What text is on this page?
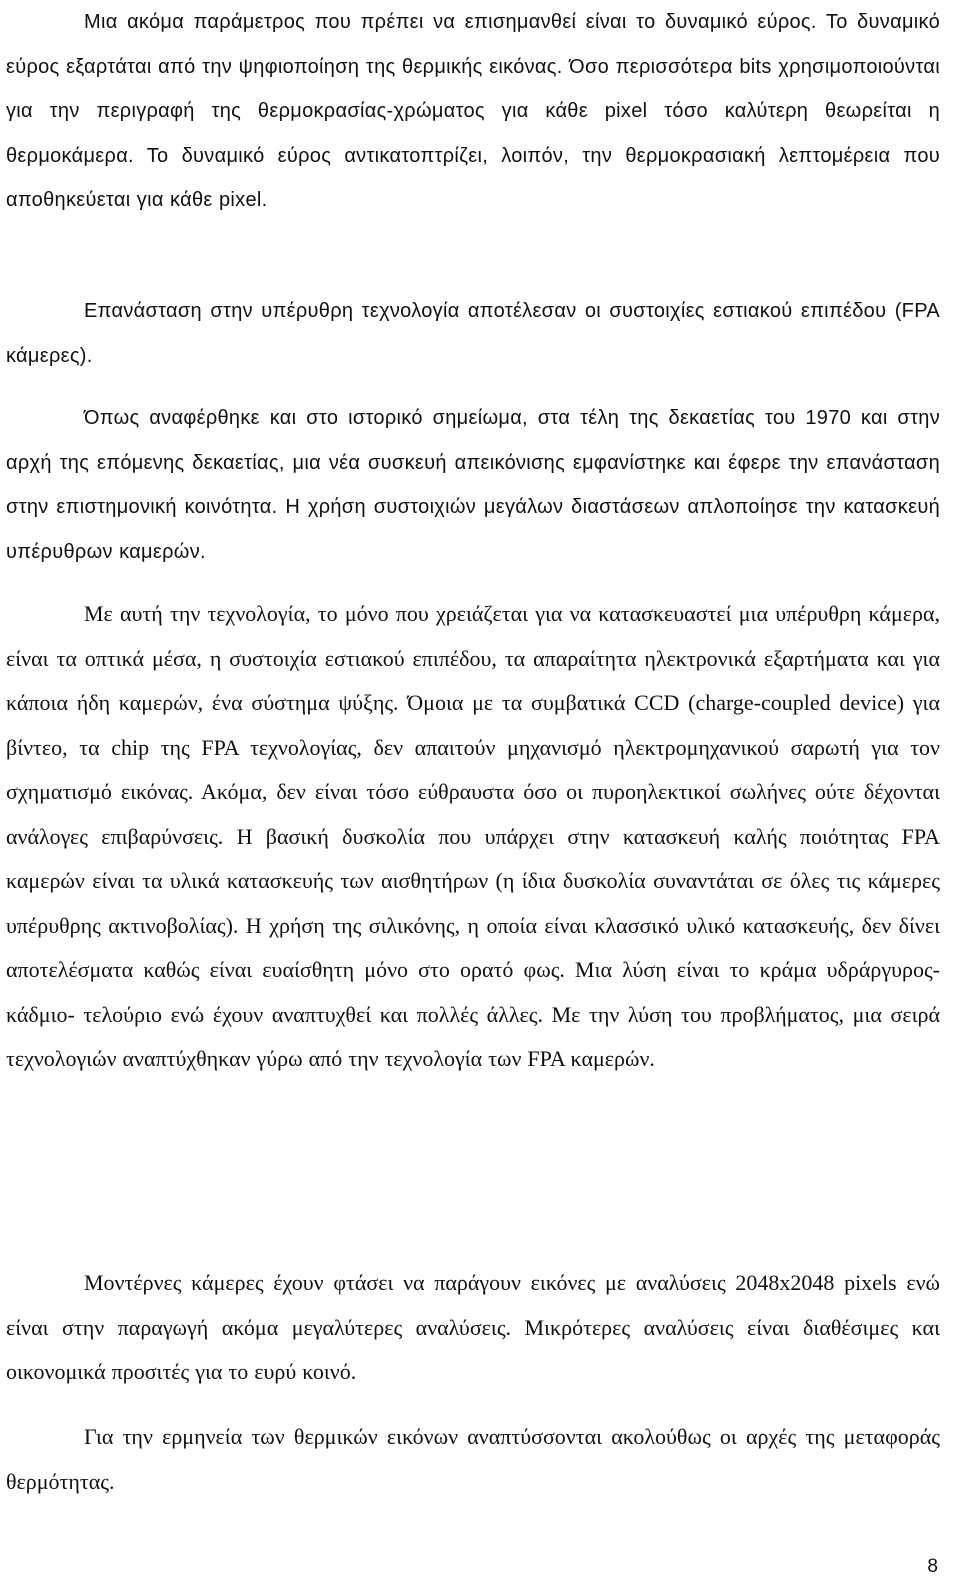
Μια ακόμα παράμετρος που πρέπει να επισημανθεί είναι το δυναμικό εύρος. Το δυναμικό εύρος εξαρτάται από την ψηφιοποίηση της θερμικής εικόνας. Όσο περισσότερα bits χρησιμοποιούνται για την περιγραφή της θερμοκρασίας-χρώματος για κάθε pixel τόσο καλύτερη θεωρείται η θερμοκάμερα. Το δυναμικό εύρος αντικατοπτρίζει, λοιπόν, την θερμοκρασιακή λεπτομέρεια που αποθηκεύεται για κάθε pixel.

Επανάσταση στην υπέρυθρη τεχνολογία αποτέλεσαν οι συστοιχίες εστιακού επιπέδου (FPA κάμερες).

Όπως αναφέρθηκε και στο ιστορικό σημείωμα, στα τέλη της δεκαετίας του 1970 και στην αρχή της επόμενης δεκαετίας, μια νέα συσκευή απεικόνισης εμφανίστηκε και έφερε την επανάσταση στην επιστημονική κοινότητα. Η χρήση συστοιχιών μεγάλων διαστάσεων απλοποίησε την κατασκευή υπέρυθρων καμερών.

Με αυτή την τεχνολογία, το μόνο που χρειάζεται για να κατασκευαστεί μια υπέρυθρη κάμερα, είναι τα οπτικά μέσα, η συστοιχία εστιακού επιπέδου, τα απαραίτητα ηλεκτρονικά εξαρτήματα και για κάποια ήδη καμερών, ένα σύστημα ψύξης. Όμοια με τα συμβατικά CCD (charge-coupled device) για βίντεο, τα chip της FPA τεχνολογίας, δεν απαιτούν μηχανισμό ηλεκτρομηχανικού σαρωτή για τον σχηματισμό εικόνας. Ακόμα, δεν είναι τόσο εύθραυστα όσο οι πυροηλεκτικοί σωλήνες ούτε δέχονται ανάλογες επιβαρύνσεις. Η βασική δυσκολία που υπάρχει στην κατασκευή καλής ποιότητας FPA καμερών είναι τα υλικά κατασκευής των αισθητήρων (η ίδια δυσκολία συναντάται σε όλες τις κάμερες υπέρυθρης ακτινοβολίας). Η χρήση της σιλικόνης, η οποία είναι κλασσικό υλικό κατασκευής, δεν δίνει αποτελέσματα καθώς είναι ευαίσθητη μόνο στο ορατό φως. Μια λύση είναι το κράμα υδράργυρος-κάδμιο- τελούριο ενώ έχουν αναπτυχθεί και πολλές άλλες. Με την λύση του προβλήματος, μια σειρά τεχνολογιών αναπτύχθηκαν γύρω από την τεχνολογία των FPA καμερών.

Μοντέρνες κάμερες έχουν φτάσει να παράγουν εικόνες με αναλύσεις 2048x2048 pixels ενώ είναι στην παραγωγή ακόμα μεγαλύτερες αναλύσεις. Μικρότερες αναλύσεις είναι διαθέσιμες και οικονομικά προσιτές για το ευρύ κοινό.

Για την ερμηνεία των θερμικών εικόνων αναπτύσσονται ακολούθως οι αρχές της μεταφοράς θερμότητας.

8
